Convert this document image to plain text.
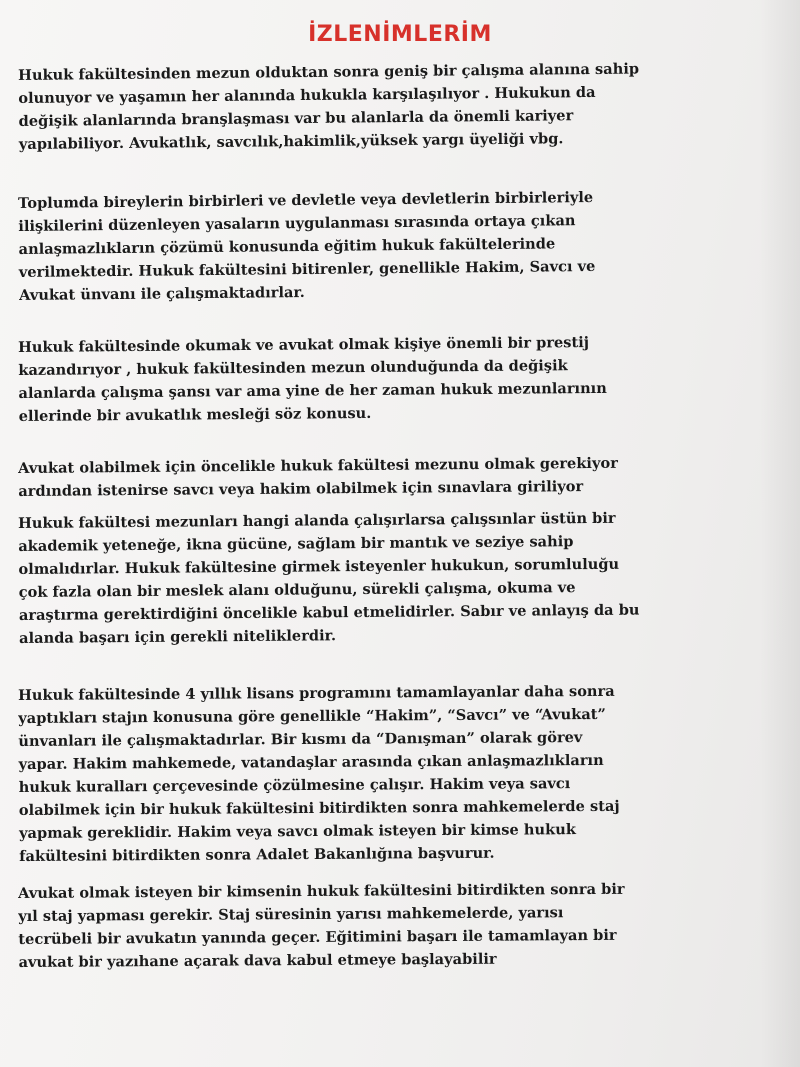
İZLENİMLERİM
Hukuk fakültesinden mezun olduktan sonra geniş bir çalışma alanına sahip
olunuyor ve yaşamın her alanında hukukla karşılaşılıyor . Hukukun da
değişik alanlarında branşlaşması var bu alanlarla da önemli kariyer
yapılabiliyor. Avukatlık, savcılık,hakimlik,yüksek yargı üyeliği vbg.
Toplumda bireylerin birbirleri ve devletle veya devletlerin birbirleriyle
ilişkilerini düzenleyen yasaların uygulanması sırasında ortaya çıkan
anlaşmazlıkların çözümü konusunda eğitim hukuk fakültelerinde
verilmektedir. Hukuk fakültesini bitirenler, genellikle Hakim, Savcı ve
Avukat ünvanı ile çalışmaktadırlar.
Hukuk fakültesinde okumak ve avukat olmak kişiye önemli bir prestij
kazandırıyor , hukuk fakültesinden mezun olunduğunda da değişik
alanlarda çalışma şansı var ama yine de her zaman hukuk mezunlarının
ellerinde bir avukatlık mesleği söz konusu.
Avukat olabilmek için öncelikle hukuk fakültesi mezunu olmak gerekiyor
ardından istenirse savcı veya hakim olabilmek için sınavlara giriliyor
Hukuk fakültesi mezunları hangi alanda çalışırlarsa çalışsınlar üstün bir
akademik yeteneğe, ikna gücüne, sağlam bir mantık ve seziye sahip
olmalıdırlar. Hukuk fakültesine girmek isteyenler hukukun, sorumluluğu
çok fazla olan bir meslek alanı olduğunu, sürekli çalışma, okuma ve
araştırma gerektirdiğini öncelikle kabul etmelidirler. Sabır ve anlayış da bu
alanda başarı için gerekli niteliklerdir.
Hukuk fakültesinde 4 yıllık lisans programını tamamlayanlar daha sonra
yaptıkları stajın konusuna göre genellikle “Hakim”, “Savcı” ve “Avukat”
ünvanları ile çalışmaktadırlar. Bir kısmı da “Danışman” olarak görev
yapar. Hakim mahkemede, vatandaşlar arasında çıkan anlaşmazlıkların
hukuk kuralları çerçevesinde çözülmesine çalışır. Hakim veya savcı
olabilmek için bir hukuk fakültesini bitirdikten sonra mahkemelerde staj
yapmak gereklidir. Hakim veya savcı olmak isteyen bir kimse hukuk
fakültesini bitirdikten sonra Adalet Bakanlığına başvurur.
Avukat olmak isteyen bir kimsenin hukuk fakültesini bitirdikten sonra bir
yıl staj yapması gerekir. Staj süresinin yarısı mahkemelerde, yarısı
tecrübeli bir avukatın yanında geçer. Eğitimini başarı ile tamamlayan bir
avukat bir yazıhane açarak dava kabul etmeye başlayabilir
